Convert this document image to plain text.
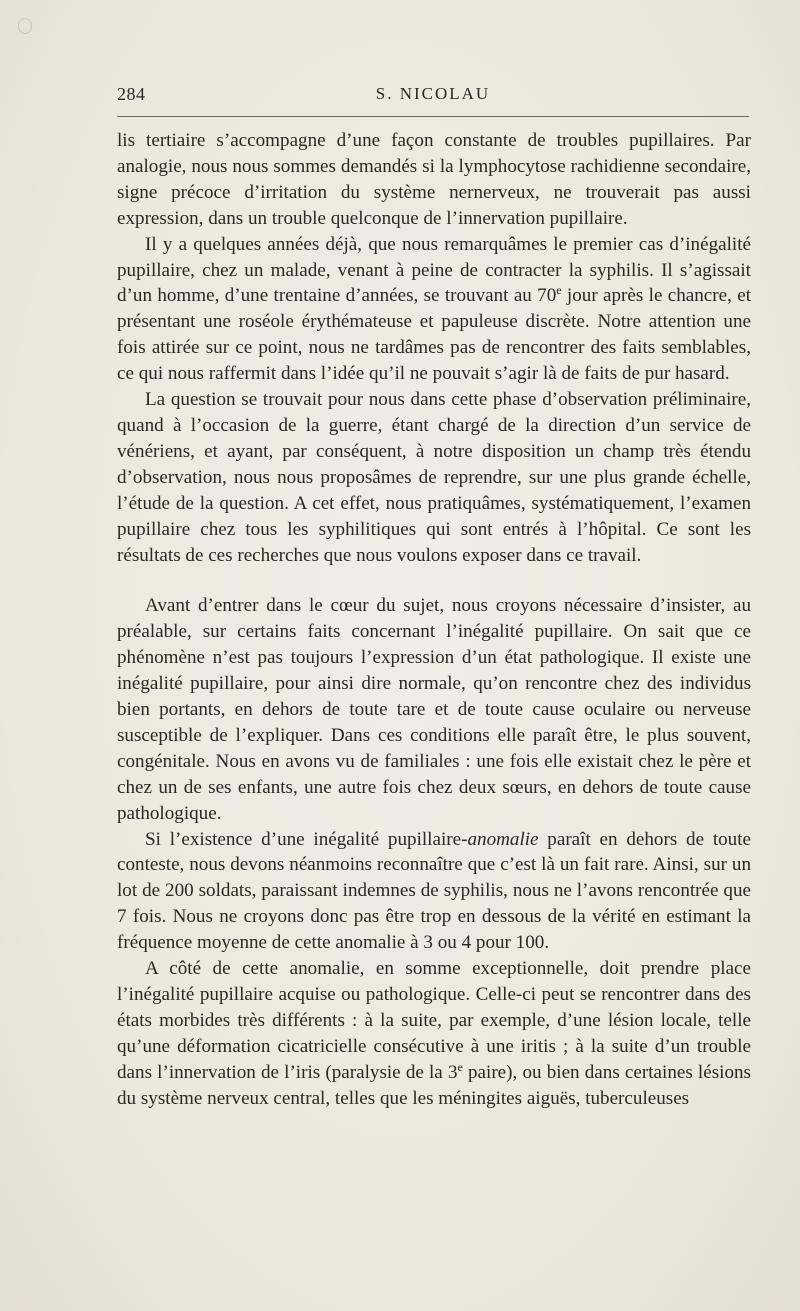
284	S. NICOLAU

lis tertiaire s’accompagne d’une façon constante de troubles pupillaires. Par analogie, nous nous sommes demandés si la lymphocytose rachidienne secondaire, signe précoce d’irritation du système nernerveux, ne trouverait pas aussi expression, dans un trouble quelconque de l’innervation pupillaire.

Il y a quelques années déjà, que nous remarquâmes le premier cas d’inégalité pupillaire, chez un malade, venant à peine de contracter la syphilis. Il s’agissait d’un homme, d’une trentaine d’années, se trouvant au 70e jour après le chancre, et présentant une roséole érythémateuse et papuleuse discrète. Notre attention une fois attirée sur ce point, nous ne tardâmes pas de rencontrer des faits semblables, ce qui nous raffermit dans l’idée qu’il ne pouvait s’agir là de faits de pur hasard.

La question se trouvait pour nous dans cette phase d’observation préliminaire, quand à l’occasion de la guerre, étant chargé de la direction d’un service de vénériens, et ayant, par conséquent, à notre disposition un champ très étendu d’observation, nous nous proposâmes de reprendre, sur une plus grande échelle, l’étude de la question. A cet effet, nous pratiquâmes, systématiquement, l’examen pupillaire chez tous les syphilitiques qui sont entrés à l’hôpital. Ce sont les résultats de ces recherches que nous voulons exposer dans ce travail.

Avant d’entrer dans le cœur du sujet, nous croyons nécessaire d’insister, au préalable, sur certains faits concernant l’inégalité pupillaire. On sait que ce phénomène n’est pas toujours l’expression d’un état pathologique. Il existe une inégalité pupillaire, pour ainsi dire normale, qu’on rencontre chez des individus bien portants, en dehors de toute tare et de toute cause oculaire ou nerveuse susceptible de l’expliquer. Dans ces conditions elle paraît être, le plus souvent, congénitale. Nous en avons vu de familiales : une fois elle existait chez le père et chez un de ses enfants, une autre fois chez deux sœurs, en dehors de toute cause pathologique.

Si l’existence d’une inégalité pupillaire-anomalie paraît en dehors de toute conteste, nous devons néanmoins reconnaître que c’est là un fait rare. Ainsi, sur un lot de 200 soldats, paraissant indemnes de syphilis, nous ne l’avons rencontrée que 7 fois. Nous ne croyons donc pas être trop en dessous de la vérité en estimant la fréquence moyenne de cette anomalie à 3 ou 4 pour 100.

A côté de cette anomalie, en somme exceptionnelle, doit prendre place l’inégalité pupillaire acquise ou pathologique. Celle-ci peut se rencontrer dans des états morbides très différents : à la suite, par exemple, d’une lésion locale, telle qu’une déformation cicatricielle consécutive à une iritis ; à la suite d’un trouble dans l’innervation de l’iris (paralysie de la 3e paire), ou bien dans certaines lésions du système nerveux central, telles que les méningites aiguës, tuberculeuses
